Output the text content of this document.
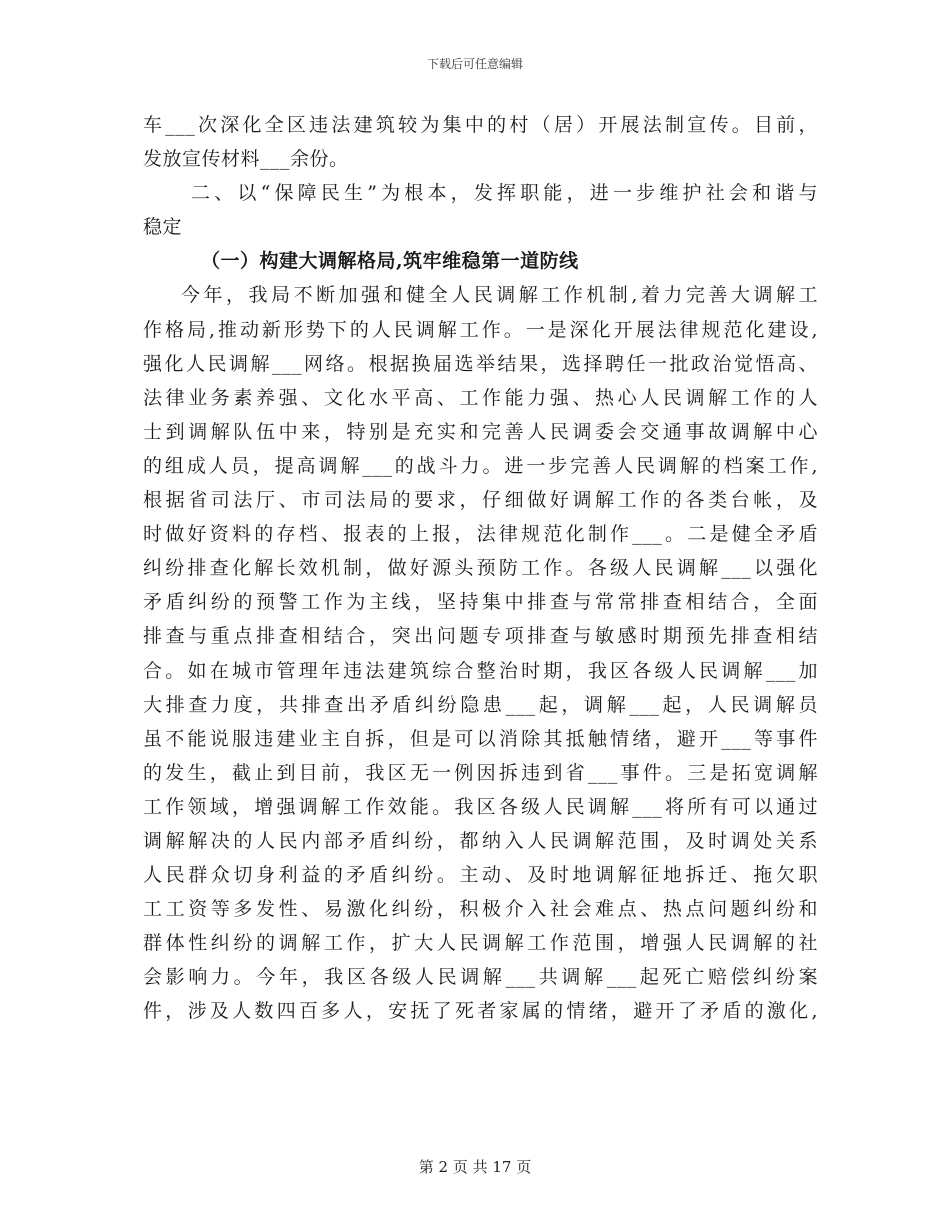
下载后可任意编辑
车___次深化全区违法建筑较为集中的村（居）开展法制宣传。目前，
发放宣传材料___余份。
二、以“保障民生”为根本，发挥职能，进一步维护社会和谐与
稳定
（一）构建大调解格局,筑牢维稳第一道防线
今年，我局不断加强和健全人民调解工作机制,着力完善大调解工
作格局,推动新形势下的人民调解工作。一是深化开展法律规范化建设,
强化人民调解___网络。根据换届选举结果，选择聘任一批政治觉悟高、
法律业务素养强、文化水平高、工作能力强、热心人民调解工作的人
士到调解队伍中来，特别是充实和完善人民调委会交通事故调解中心
的组成人员，提高调解___的战斗力。进一步完善人民调解的档案工作,
根据省司法厅、市司法局的要求，仔细做好调解工作的各类台帐，及
时做好资料的存档、报表的上报，法律规范化制作___。二是健全矛盾
纠纷排查化解长效机制，做好源头预防工作。各级人民调解___以强化
矛盾纠纷的预警工作为主线，坚持集中排查与常常排查相结合，全面
排查与重点排查相结合，突出问题专项排查与敏感时期预先排查相结
合。如在城市管理年违法建筑综合整治时期，我区各级人民调解___加
大排查力度，共排查出矛盾纠纷隐患___起，调解___起，人民调解员
虽不能说服违建业主自拆，但是可以消除其抵触情绪，避开___等事件
的发生，截止到目前，我区无一例因拆违到省___事件。三是拓宽调解
工作领域，增强调解工作效能。我区各级人民调解___将所有可以通过
调解解决的人民内部矛盾纠纷，都纳入人民调解范围，及时调处关系
人民群众切身利益的矛盾纠纷。主动、及时地调解征地拆迁、拖欠职
工工资等多发性、易激化纠纷，积极介入社会难点、热点问题纠纷和
群体性纠纷的调解工作，扩大人民调解工作范围，增强人民调解的社
会影响力。今年，我区各级人民调解___共调解___起死亡赔偿纠纷案
件，涉及人数四百多人，安抚了死者家属的情绪，避开了矛盾的激化,
第 2 页 共 17 页
